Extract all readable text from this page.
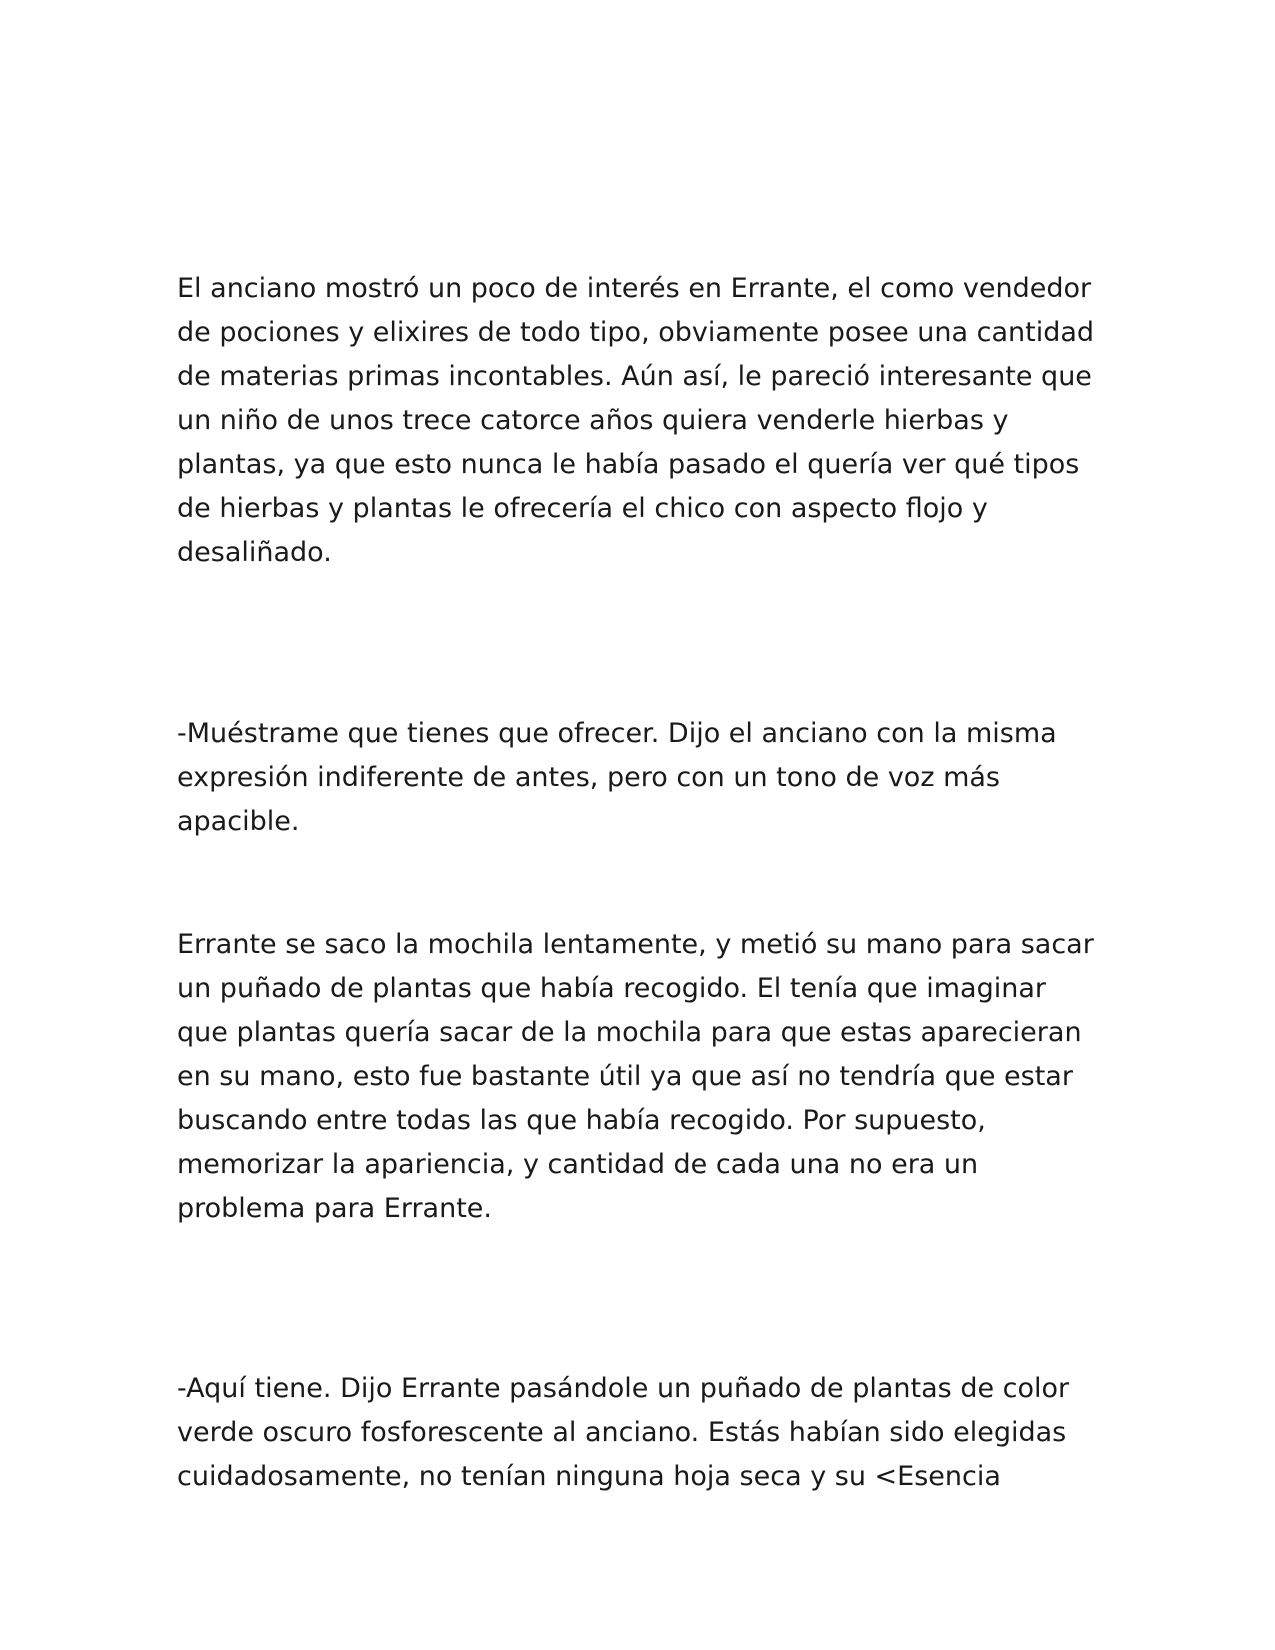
El anciano mostró un poco de interés en Errante, el como vendedor
de pociones y elixires de todo tipo, obviamente posee una cantidad
de materias primas incontables. Aún así, le pareció interesante que
un niño de unos trece catorce años quiera venderle hierbas y
plantas, ya que esto nunca le había pasado el quería ver qué tipos
de hierbas y plantas le ofrecería el chico con aspecto flojo y
desaliñado.

-Muéstrame que tienes que ofrecer. Dijo el anciano con la misma
expresión indiferente de antes, pero con un tono de voz más
apacible.

Errante se saco la mochila lentamente, y metió su mano para sacar
un puñado de plantas que había recogido. El tenía que imaginar
que plantas quería sacar de la mochila para que estas aparecieran
en su mano, esto fue bastante útil ya que así no tendría que estar
buscando entre todas las que había recogido. Por supuesto,
memorizar la apariencia, y cantidad de cada una no era un
problema para Errante.

-Aquí tiene. Dijo Errante pasándole un puñado de plantas de color
verde oscuro fosforescente al anciano. Estás habían sido elegidas
cuidadosamente, no tenían ninguna hoja seca y su <Esencia
